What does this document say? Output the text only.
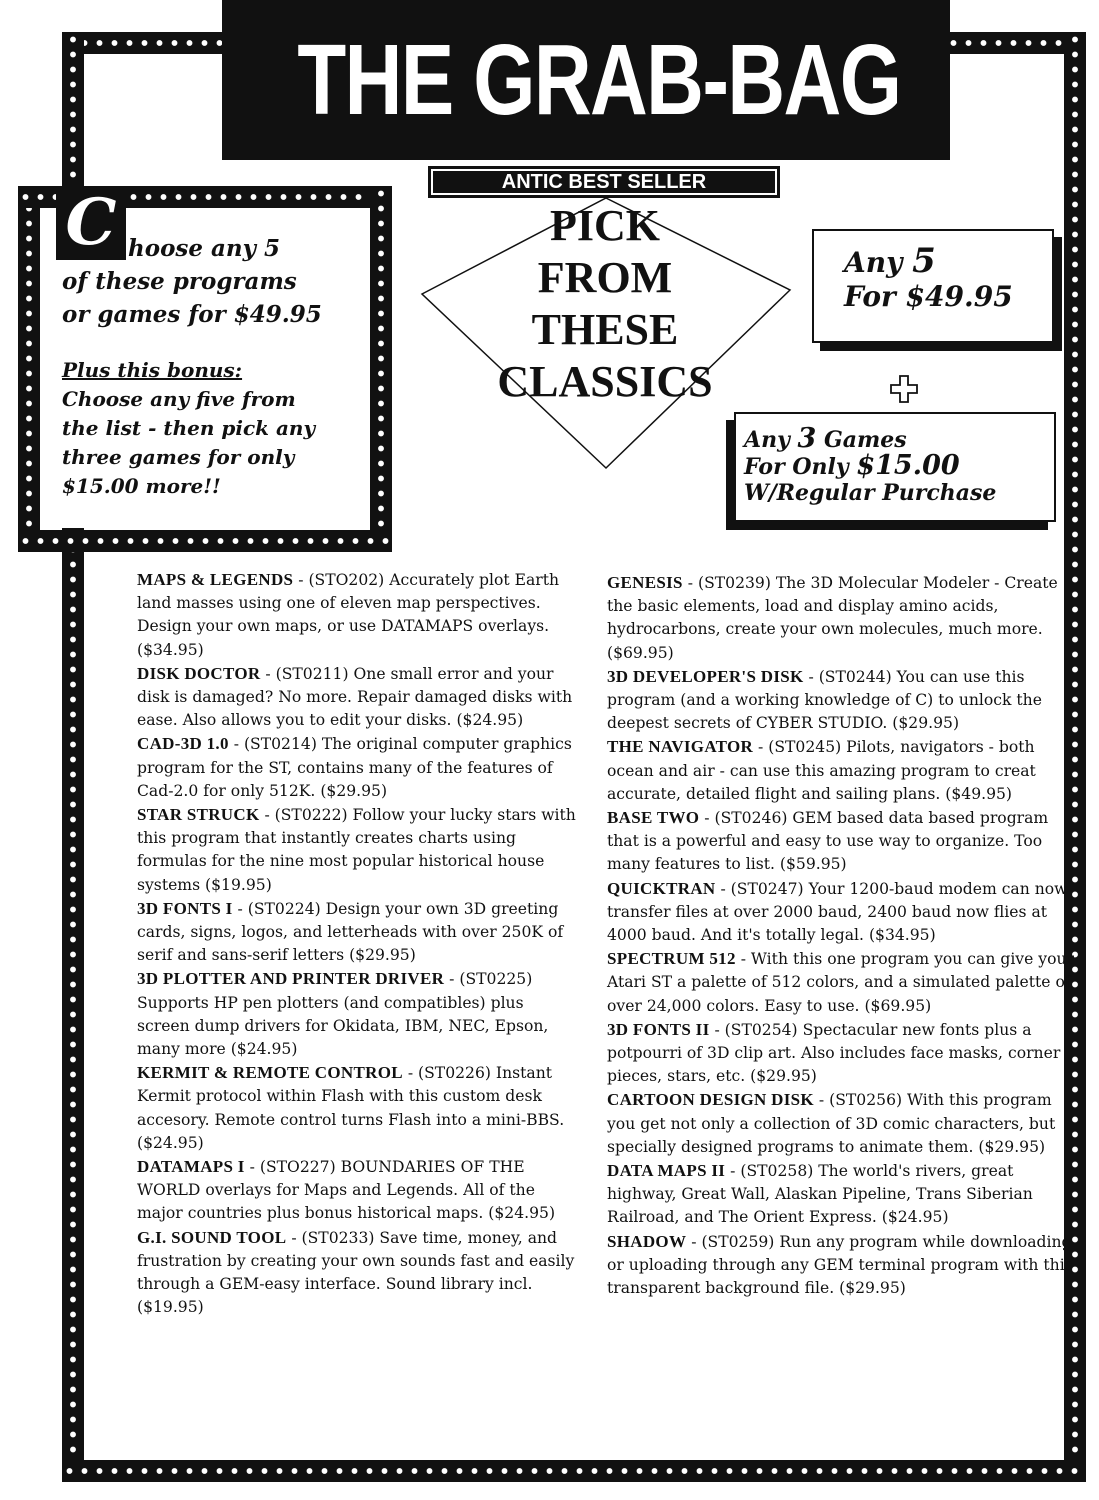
THE GRAB-BAG
ANTIC BEST SELLER
C hoose any 5
of these programs
or games for $49.95
Plus this bonus:
Choose any five from
the list - then pick any
three games for only
$15.00 more!!
PICK
FROM
THESE
CLASSICS
Any 5
For $49.95
Any 3 Games
For Only $15.00
W/Regular Purchase
MAPS & LEGENDS - (STO202) Accurately plot Earth land masses using one of eleven map perspectives. Design your own maps, or use DATAMAPS overlays. ($34.95)
DISK DOCTOR - (ST0211) One small error and your disk is damaged? No more. Repair damaged disks with ease. Also allows you to edit your disks. ($24.95)
CAD-3D 1.0 - (ST0214) The original computer graphics program for the ST, contains many of the features of Cad-2.0 for only 512K. ($29.95)
STAR STRUCK - (ST0222) Follow your lucky stars with this program that instantly creates charts using formulas for the nine most popular historical house systems ($19.95)
3D FONTS I - (ST0224) Design your own 3D greeting cards, signs, logos, and letterheads with over 250K of serif and sans-serif letters ($29.95)
3D PLOTTER AND PRINTER DRIVER - (ST0225) Supports HP pen plotters (and compatibles) plus screen dump drivers for Okidata, IBM, NEC, Epson, many more ($24.95)
KERMIT & REMOTE CONTROL - (ST0226) Instant Kermit protocol within Flash with this custom desk accesory. Remote control turns Flash into a mini-BBS. ($24.95)
DATAMAPS I - (STO227) BOUNDARIES OF THE WORLD overlays for Maps and Legends. All of the major countries plus bonus historical maps. ($24.95)
G.I. SOUND TOOL - (ST0233) Save time, money, and frustration by creating your own sounds fast and easily through a GEM-easy interface. Sound library incl. ($19.95)
GENESIS - (ST0239) The 3D Molecular Modeler - Create the basic elements, load and display amino acids, hydrocarbons, create your own molecules, much more. ($69.95)
3D DEVELOPER'S DISK - (ST0244) You can use this program (and a working knowledge of C) to unlock the deepest secrets of CYBER STUDIO. ($29.95)
THE NAVIGATOR - (ST0245) Pilots, navigators - both ocean and air - can use this amazing program to creat accurate, detailed flight and sailing plans. ($49.95)
BASE TWO - (ST0246) GEM based data based program that is a powerful and easy to use way to organize. Too many features to list. ($59.95)
QUICKTRAN - (ST0247) Your 1200-baud modem can now transfer files at over 2000 baud, 2400 baud now flies at 4000 baud. And it's totally legal. ($34.95)
SPECTRUM 512 - With this one program you can give your Atari ST a palette of 512 colors, and a simulated palette of over 24,000 colors. Easy to use. ($69.95)
3D FONTS II - (ST0254) Spectacular new fonts plus a potpourri of 3D clip art. Also includes face masks, corner pieces, stars, etc. ($29.95)
CARTOON DESIGN DISK - (ST0256) With this program you get not only a collection of 3D comic characters, but specially designed programs to animate them. ($29.95)
DATA MAPS II - (ST0258) The world's rivers, great highway, Great Wall, Alaskan Pipeline, Trans Siberian Railroad, and The Orient Express. ($24.95)
SHADOW - (ST0259) Run any program while downloading or uploading through any GEM terminal program with this transparent background file. ($29.95)
